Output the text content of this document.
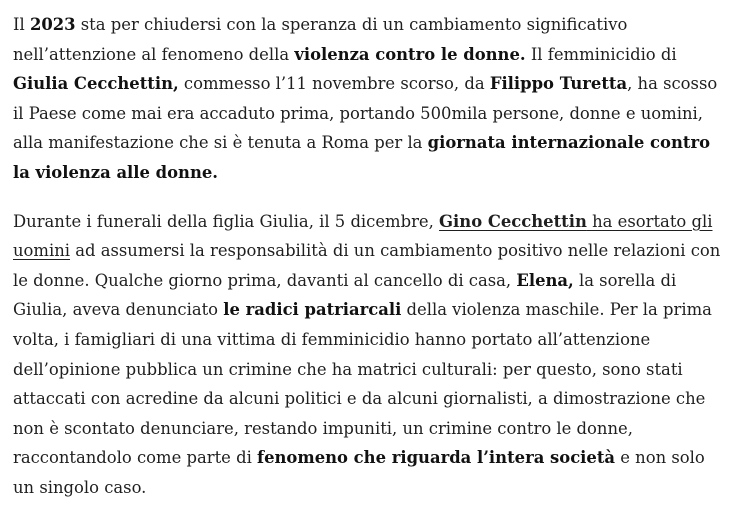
Il 2023 sta per chiudersi con la speranza di un cambiamento significativo
nell’attenzione al fenomeno della violenza contro le donne. Il femminicidio di
Giulia Cecchettin, commesso l’11 novembre scorso, da Filippo Turetta, ha scosso
il Paese come mai era accaduto prima, portando 500mila persone, donne e uomini,
alla manifestazione che si è tenuta a Roma per la giornata internazionale contro
la violenza alle donne.

Durante i funerali della figlia Giulia, il 5 dicembre, Gino Cecchettin ha esortato gli
uomini ad assumersi la responsabilità di un cambiamento positivo nelle relazioni con
le donne. Qualche giorno prima, davanti al cancello di casa, Elena, la sorella di
Giulia, aveva denunciato le radici patriarcali della violenza maschile. Per la prima
volta, i famigliari di una vittima di femminicidio hanno portato all’attenzione
dell’opinione pubblica un crimine che ha matrici culturali: per questo, sono stati
attaccati con acredine da alcuni politici e da alcuni giornalisti, a dimostrazione che
non è scontato denunciare, restando impuniti, un crimine contro le donne,
raccontandolo come parte di fenomeno che riguarda l’intera società e non solo
un singolo caso.
